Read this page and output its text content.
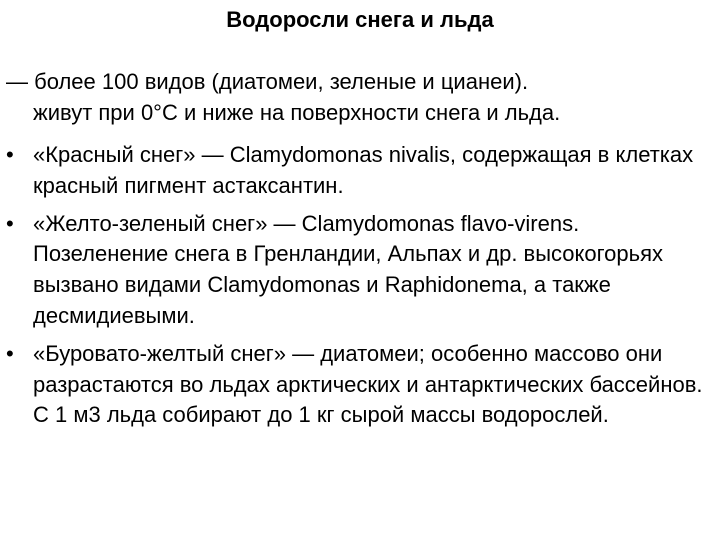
Водоросли снега и льда

— более 100 видов (диатомеи, зеленые и цианеи).
живут при 0°С и ниже на поверхности снега и льда.

• «Красный снег» — Clamydomonas nivalis, содержащая в клетках красный пигмент астаксантин.
• «Желто-зеленый снег» — Clamydomonas flavo-virens. Позеленение снега в Гренландии, Альпах и др. высокогорьях вызвано видами Clamydomonas и Raphidonema, а также десмидиевыми.
• «Буровато-желтый снег» — диатомеи; особенно массово они разрастаются во льдах арктических и антарктических бассейнов. С 1 м3 льда собирают до 1 кг сырой массы водорослей.
